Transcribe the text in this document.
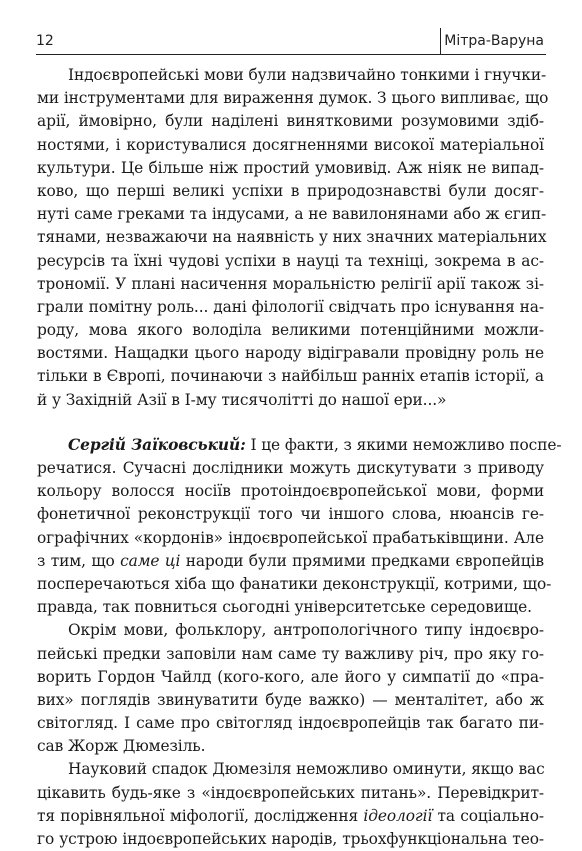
12	Мітра-Варуна
Індоєвропейські мови були надзвичайно тонкими і гнучки-
ми інструментами для вираження думок. З цього випливає, що
арії, ймовірно, були наділені винятковими розумовими здіб-
ностями, і користувалися досягненнями високої матеріальної
культури. Це більше ніж простий умовивід. Аж ніяк не випад-
ково, що перші великі успіхи в природознавстві були досяг-
нуті саме греками та індусами, а не вавилонянами або ж єгип-
тянами, незважаючи на наявність у них значних матеріальних
ресурсів та їхні чудові успіхи в науці та техніці, зокрема в ас-
трономії. У плані насичення моральністю релігії арії також зі-
грали помітну роль... дані філології свідчать про існування на-
роду, мова якого володіла великими потенційними можли-
востями. Нащадки цього народу відігравали провідну роль не
тільки в Європі, починаючи з найбільш ранніх етапів історії, а
й у Західній Азії в І-му тисячолітті до нашої ери...»
Сергій Заїковський: І це факти, з якими неможливо поспе-
речатися. Сучасні дослідники можуть дискутувати з приводу
кольору волосся носіїв протоіндоєвропейської мови, форми
фонетичної реконструкції того чи іншого слова, нюансів ге-
ографічних «кордонів» індоєвропейської прабатьківщини. Але
з тим, що саме ці народи були прямими предками європейців
посперечаються хіба що фанатики деконструкції, котрими, що-
правда, так повниться сьогодні університетське середовище.
Окрім мови, фольклору, антропологічного типу індоєвро-
пейські предки заповіли нам саме ту важливу річ, про яку го-
ворить Гордон Чайлд (кого-кого, але його у симпатії до «пра-
вих» поглядів звинуватити буде важко) — менталітет, або ж
світогляд. І саме про світогляд індоєвропейців так багато пи-
сав Жорж Дюмезіль.
Науковий спадок Дюмезіля неможливо оминути, якщо вас
цікавить будь-яке з «індоєвропейських питань». Перевідкрит-
тя порівняльної міфології, дослідження ідеології та соціально-
го устрою індоєвропейських народів, трьохфункціональна тео-
